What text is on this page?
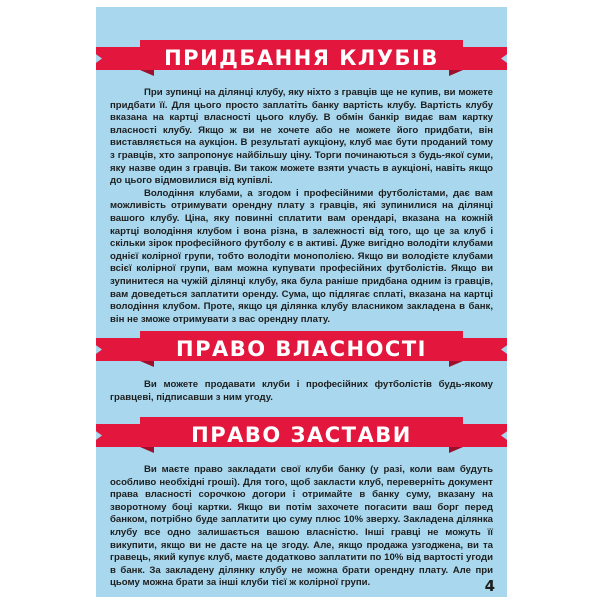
ПРИДБАННЯ КЛУБІВ

При зупинці на ділянці клубу, яку ніхто з гравців ще не купив, ви можете придбати її. Для цього просто заплатіть банку вартість клубу. Вартість клубу вказана на картці власності цього клубу. В обмін банкір видає вам картку власності клубу. Якщо ж ви не хочете або не можете його придбати, він виставляється на аукціон. В результаті аукціону, клуб має бути проданий тому з гравців, хто запропонує найбільшу ціну. Торги починаються з будь-якої суми, яку назве один з гравців. Ви також можете взяти участь в аукціоні, навіть якщо до цього відмовилися від купівлі.

Володіння клубами, а згодом і професійними футболістами, дає вам можливість отримувати орендну плату з гравців, які зупинилися на ділянці вашого клубу. Ціна, яку повинні сплатити вам орендарі, вказана на кожній картці володіння клубом і вона різна, в залежності від того, що це за клуб і скільки зірок професійного футболу є в активі. Дуже вигідно володіти клубами однієї колірної групи, тобто володіти монополією. Якщо ви володієте клубами всієї колірної групи, вам можна купувати професійних футболістів. Якщо ви зупинитеся на чужій ділянці клубу, яка була раніше придбана одним із гравців, вам доведеться заплатити оренду. Сума, що підлягає сплаті, вказана на картці володіння клубом. Проте, якщо ця ділянка клубу власником закладена в банк, він не зможе отримувати з вас орендну плату.

ПРАВО ВЛАСНОСТІ

Ви можете продавати клуби і професійних футболістів будь-якому гравцеві, підписавши з ним угоду.

ПРАВО ЗАСТАВИ

Ви маєте право закладати свої клуби банку (у разі, коли вам будуть особливо необхідні гроші). Для того, щоб закласти клуб, переверніть документ права власності сорочкою догори і отримайте в банку суму, вказану на зворотному боці картки. Якщо ви потім захочете погасити ваш борг перед банком, потрібно буде заплатити цю суму плюс 10% зверху. Закладена ділянка клубу все одно залишається вашою власністю. Інші гравці не можуть її викупити, якщо ви не дасте на це згоду. Але, якщо продажа узгоджена, ви та гравець, який купує клуб, маєте додатково заплатити по 10% від вартості угоди в банк. За закладену ділянку клубу не можна брати орендну плату. Але при цьому можна брати за інші клуби тієї ж колірної групи.	4
